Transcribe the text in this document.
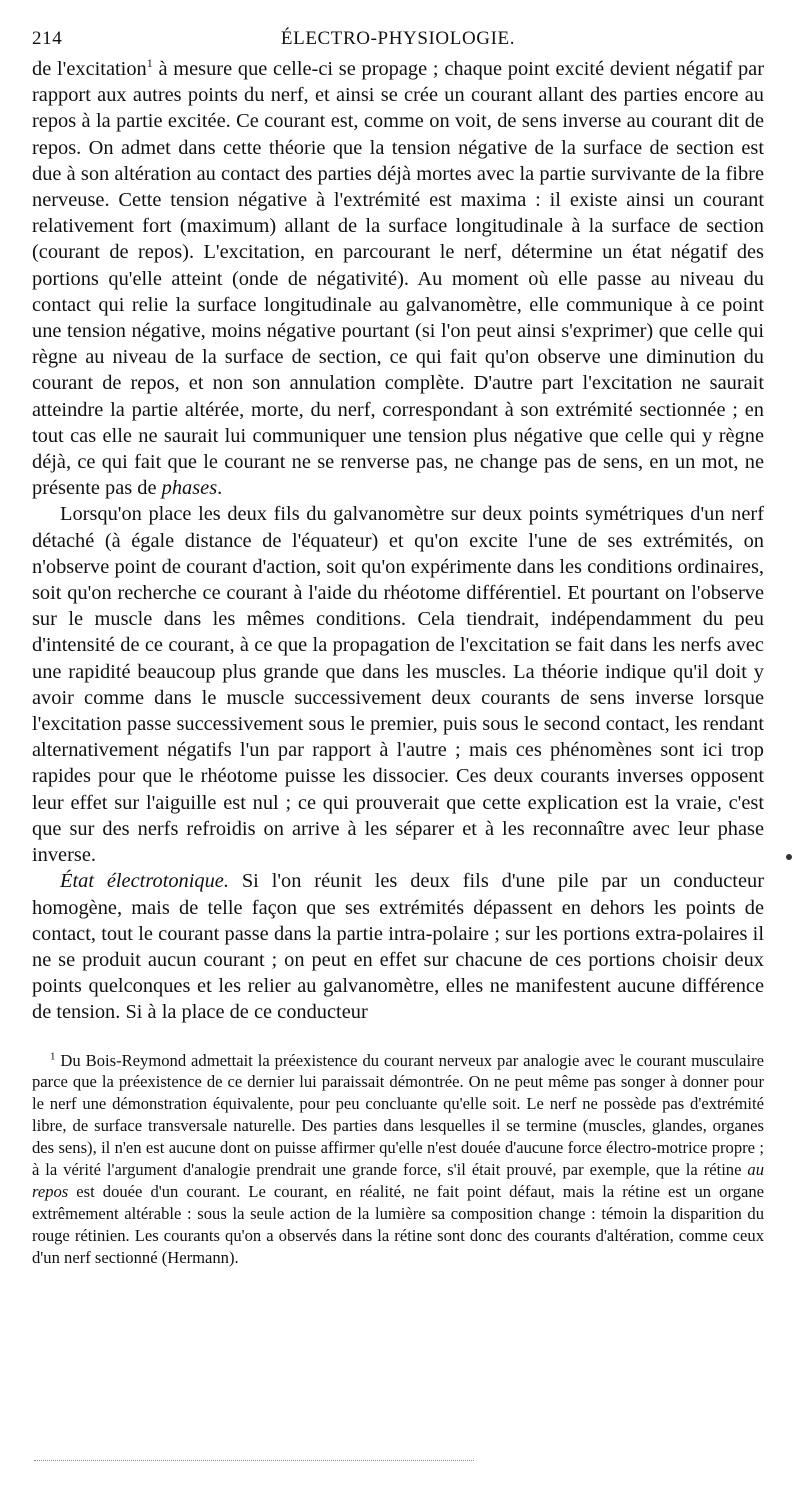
214	ÉLECTRO-PHYSIOLOGIE.

de l'excitation$^1$ à mesure que celle-ci se propage ; chaque point excité devient négatif par rapport aux autres points du nerf, et ainsi se crée un courant allant des parties encore au repos à la partie excitée. Ce courant est, comme on voit, de sens inverse au courant dit de repos. On admet dans cette théorie que la tension négative de la surface de section est due à son altération au contact des parties déjà mortes avec la partie survivante de la fibre nerveuse. Cette tension négative à l'extrémité est maxima : il existe ainsi un courant relativement fort (maximum) allant de la surface longitudinale à la surface de section (courant de repos). L'excitation, en parcourant le nerf, détermine un état négatif des portions qu'elle atteint (onde de négativité). Au moment où elle passe au niveau du contact qui relie la surface longitudinale au galvanomètre, elle communique à ce point une tension négative, moins négative pourtant (si l'on peut ainsi s'exprimer) que celle qui règne au niveau de la surface de section, ce qui fait qu'on observe une diminution du courant de repos, et non son annulation complète. D'autre part l'excitation ne saurait atteindre la partie altérée, morte, du nerf, correspondant à son extrémité sectionnée ; en tout cas elle ne saurait lui communiquer une tension plus négative que celle qui y règne déjà, ce qui fait que le courant ne se renverse pas, ne change pas de sens, en un mot, ne présente pas de phases.

Lorsqu'on place les deux fils du galvanomètre sur deux points symétriques d'un nerf détaché (à égale distance de l'équateur) et qu'on excite l'une de ses extrémités, on n'observe point de courant d'action, soit qu'on expérimente dans les conditions ordinaires, soit qu'on recherche ce courant à l'aide du rhéotome différentiel. Et pourtant on l'observe sur le muscle dans les mêmes conditions. Cela tiendrait, indépendamment du peu d'intensité de ce courant, à ce que la propagation de l'excitation se fait dans les nerfs avec une rapidité beaucoup plus grande que dans les muscles. La théorie indique qu'il doit y avoir comme dans le muscle successivement deux courants de sens inverse lorsque l'excitation passe successivement sous le premier, puis sous le second contact, les rendant alternativement négatifs l'un par rapport à l'autre ; mais ces phénomènes sont ici trop rapides pour que le rhéotome puisse les dissocier. Ces deux courants inverses opposent leur effet sur l'aiguille est nul ; ce qui prouverait que cette explication est la vraie, c'est que sur des nerfs refroidis on arrive à les séparer et à les reconnaître avec leur phase inverse.

État électrotonique. Si l'on réunit les deux fils d'une pile par un conducteur homogène, mais de telle façon que ses extrémités dépassent en dehors les points de contact, tout le courant passe dans la partie intra-polaire ; sur les portions extra-polaires il ne se produit aucun courant ; on peut en effet sur chacune de ces portions choisir deux points quelconques et les relier au galvanomètre, elles ne manifestent aucune différence de tension. Si à la place de ce conducteur

$^1$ Du Bois-Reymond admettait la préexistence du courant nerveux par analogie avec le courant musculaire parce que la préexistence de ce dernier lui paraissait démontrée. On ne peut même pas songer à donner pour le nerf une démonstration équivalente, pour peu concluante qu'elle soit. Le nerf ne possède pas d'extrémité libre, de surface transversale naturelle. Des parties dans lesquelles il se termine (muscles, glandes, organes des sens), il n'en est aucune dont on puisse affirmer qu'elle n'est douée d'aucune force électro-motrice propre ; à la vérité l'argument d'analogie prendrait une grande force, s'il était prouvé, par exemple, que la rétine au repos est douée d'un courant. Le courant, en réalité, ne fait point défaut, mais la rétine est un organe extrêmement altérable : sous la seule action de la lumière sa composition change : témoin la disparition du rouge rétinien. Les courants qu'on a observés dans la rétine sont donc des courants d'altération, comme ceux d'un nerf sectionné (Hermann).
